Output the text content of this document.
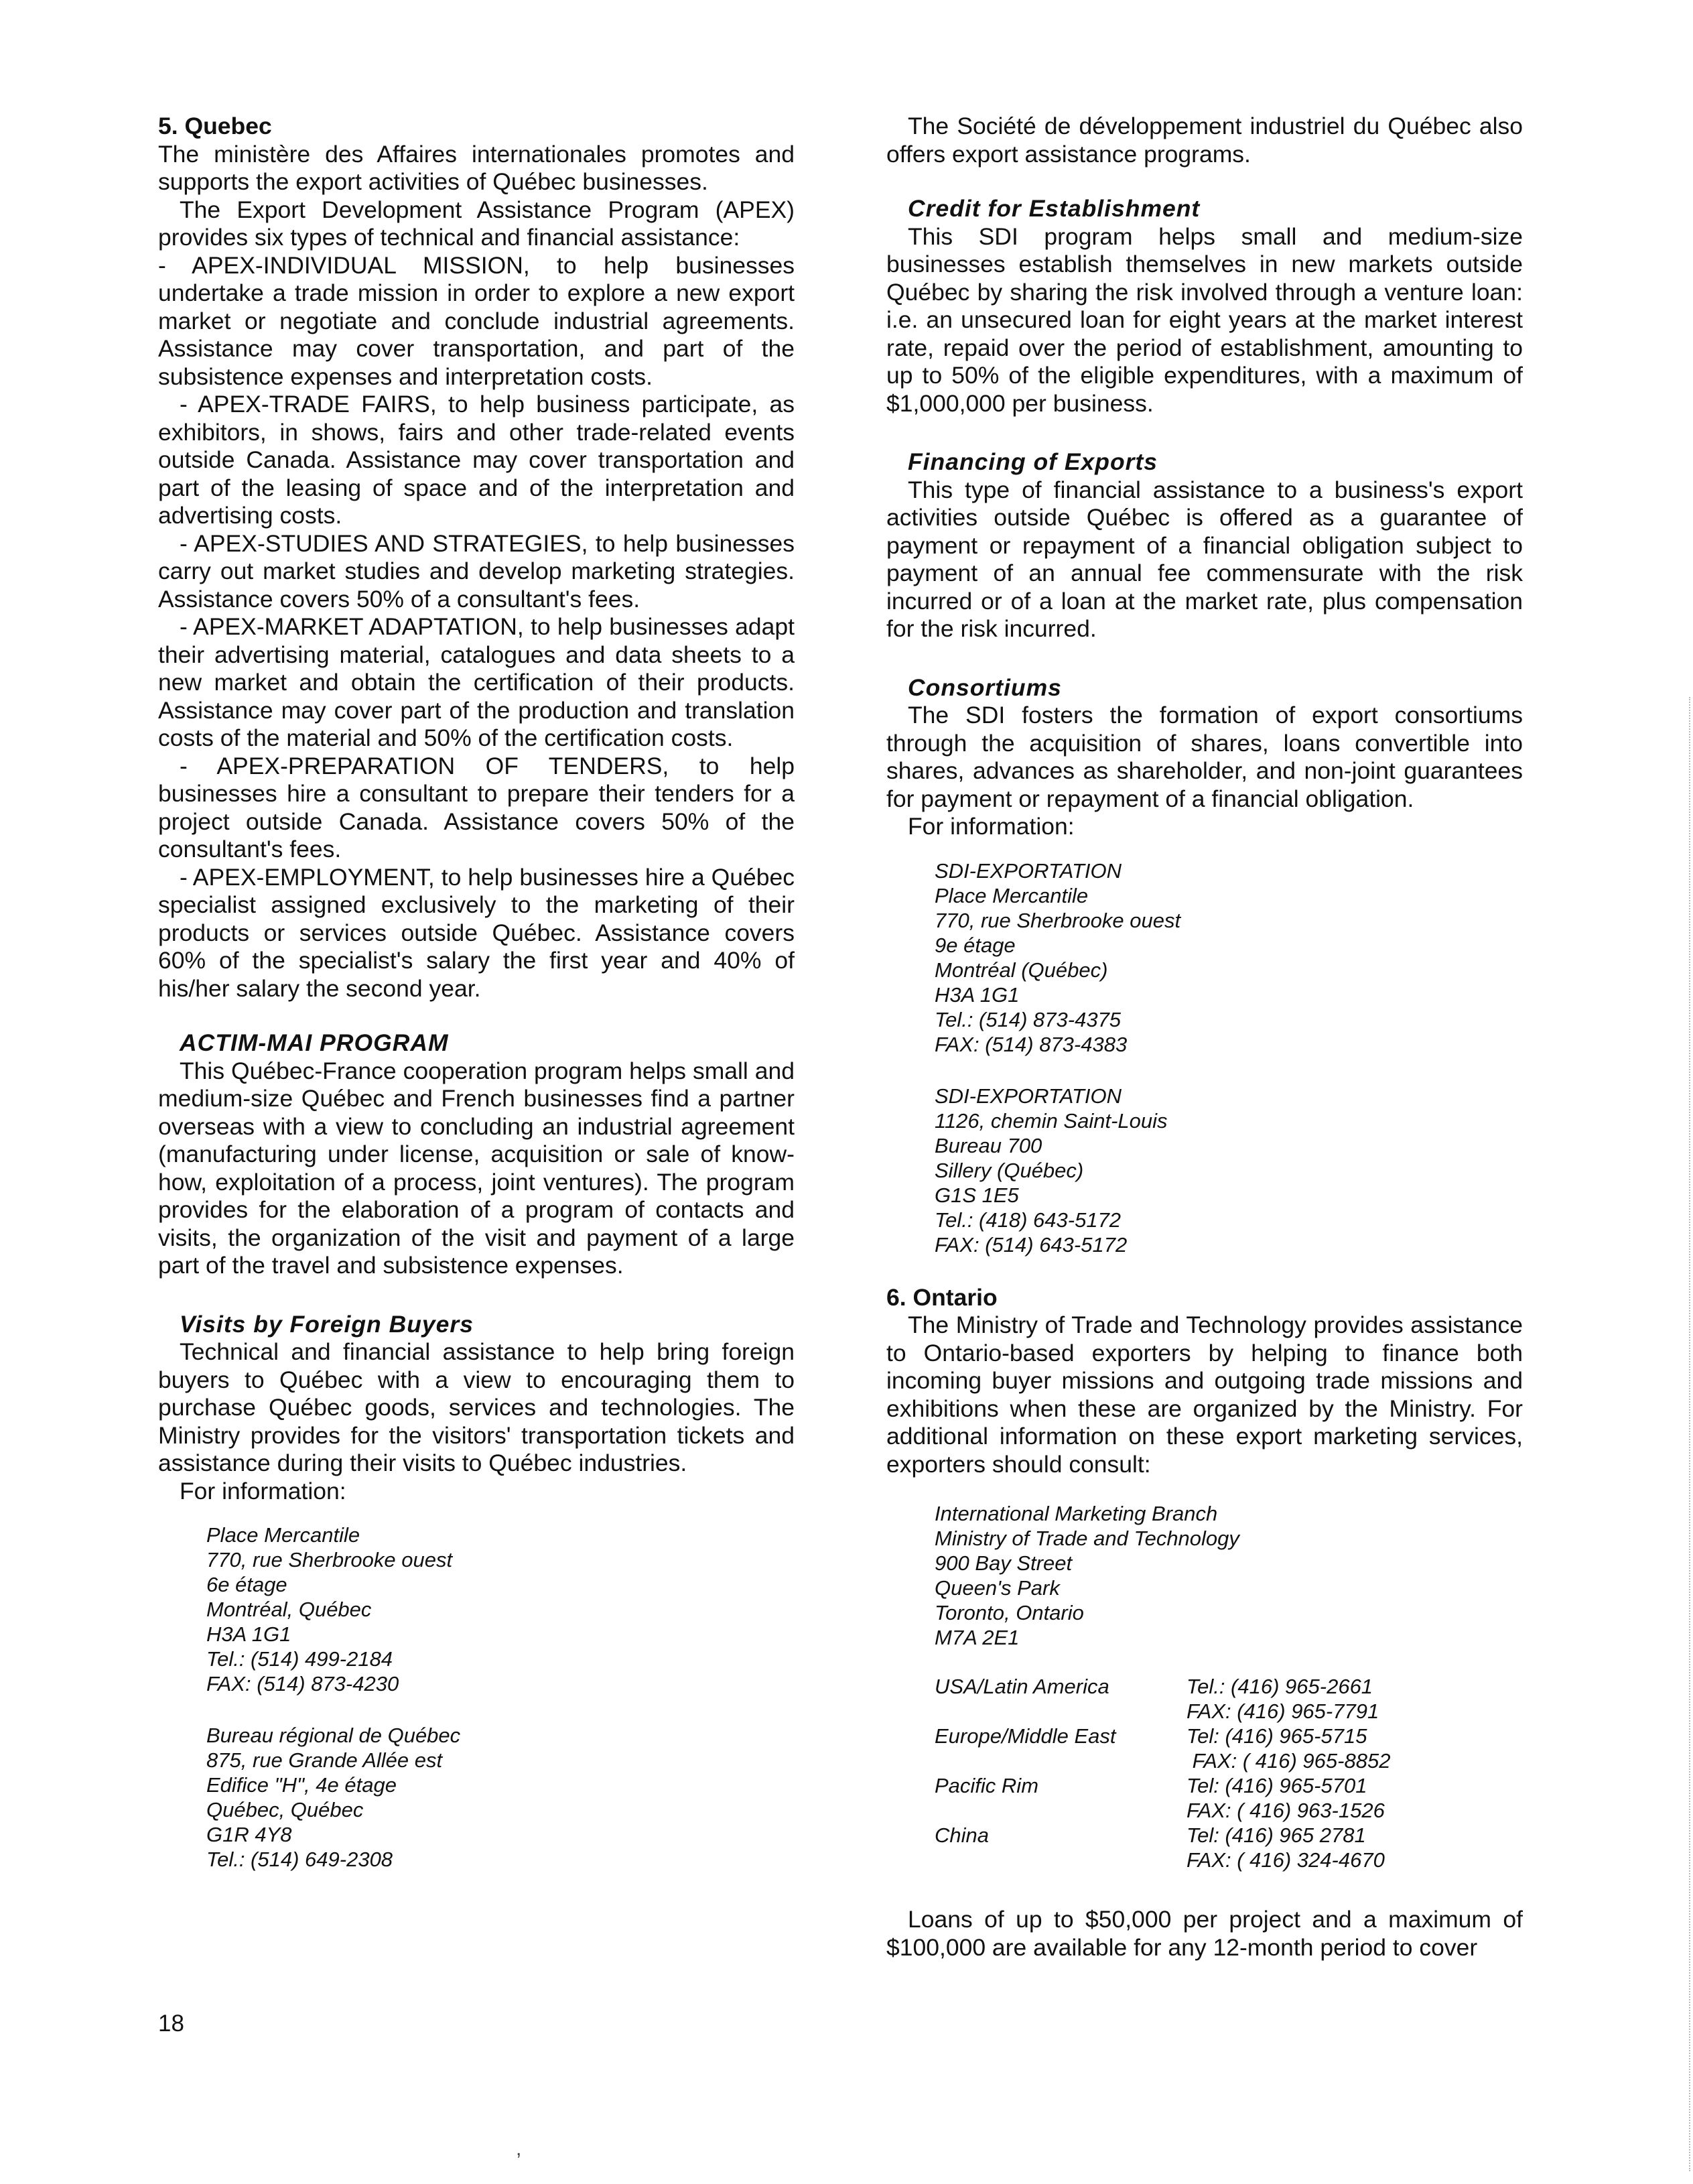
5. Quebec

The ministère des Affaires internationales promotes and supports the export activities of Québec businesses.

The Export Development Assistance Program (APEX) provides six types of technical and financial assistance:

- APEX-INDIVIDUAL MISSION, to help businesses undertake a trade mission in order to explore a new export market or negotiate and conclude industrial agreements. Assistance may cover transportation, and part of the subsistence expenses and interpretation costs.

- APEX-TRADE FAIRS, to help business participate, as exhibitors, in shows, fairs and other trade-related events outside Canada. Assistance may cover transportation and part of the leasing of space and of the interpretation and advertising costs.

- APEX-STUDIES AND STRATEGIES, to help businesses carry out market studies and develop marketing strategies. Assistance covers 50% of a consultant's fees.

- APEX-MARKET ADAPTATION, to help businesses adapt their advertising material, catalogues and data sheets to a new market and obtain the certification of their products. Assistance may cover part of the production and translation costs of the material and 50% of the certification costs.

- APEX-PREPARATION OF TENDERS, to help businesses hire a consultant to prepare their tenders for a project outside Canada. Assistance covers 50% of the consultant's fees.

- APEX-EMPLOYMENT, to help businesses hire a Québec specialist assigned exclusively to the marketing of their products or services outside Québec. Assistance covers 60% of the specialist's salary the first year and 40% of his/her salary the second year.

ACTIM-MAI PROGRAM

This Québec-France cooperation program helps small and medium-size Québec and French businesses find a partner overseas with a view to concluding an industrial agreement (manufacturing under license, acquisition or sale of know-how, exploitation of a process, joint ventures). The program provides for the elaboration of a program of contacts and visits, the organization of the visit and payment of a large part of the travel and subsistence expenses.

Visits by Foreign Buyers

Technical and financial assistance to help bring foreign buyers to Québec with a view to encouraging them to purchase Québec goods, services and technologies. The Ministry provides for the visitors' transportation tickets and assistance during their visits to Québec industries.

For information:

Place Mercantile
770, rue Sherbrooke ouest
6e étage
Montréal, Québec
H3A 1G1
Tel.: (514) 499-2184
FAX: (514) 873-4230
Bureau régional de Québec
875, rue Grande Allée est
Edifice "H", 4e étage
Québec, Québec
G1R 4Y8
Tel.: (514) 649-2308

The Société de développement industriel du Québec also offers export assistance programs.

Credit for Establishment

This SDI program helps small and medium-size businesses establish themselves in new markets outside Québec by sharing the risk involved through a venture loan: i.e. an unsecured loan for eight years at the market interest rate, repaid over the period of establishment, amounting to up to 50% of the eligible expenditures, with a maximum of $1,000,000 per business.

Financing of Exports

This type of financial assistance to a business's export activities outside Québec is offered as a guarantee of payment or repayment of a financial obligation subject to payment of an annual fee commensurate with the risk incurred or of a loan at the market rate, plus compensation for the risk incurred.

Consortiums

The SDI fosters the formation of export consortiums through the acquisition of shares, loans convertible into shares, advances as shareholder, and non-joint guarantees for payment or repayment of a financial obligation.

For information:

SDI-EXPORTATION
Place Mercantile
770, rue Sherbrooke ouest
9e étage
Montréal (Québec)
H3A 1G1
Tel.: (514) 873-4375
FAX: (514) 873-4383
SDI-EXPORTATION
1126, chemin Saint-Louis
Bureau 700
Sillery (Québec)
G1S 1E5
Tel.: (418) 643-5172
FAX: (514) 643-5172

6. Ontario

The Ministry of Trade and Technology provides assistance to Ontario-based exporters by helping to finance both incoming buyer missions and outgoing trade missions and exhibitions when these are organized by the Ministry. For additional information on these export marketing services, exporters should consult:

International Marketing Branch
Ministry of Trade and Technology
900 Bay Street
Queen's Park
Toronto, Ontario
M7A 2E1
USA/Latin America	Tel.: (416) 965-2661
FAX: (416) 965-7791

Europe/Middle East	Tel: (416) 965-5715
FAX: ( 416) 965-8852

Pacific Rim	Tel: (416) 965-5701
FAX: ( 416) 963-1526

China	Tel: (416) 965 2781
FAX: ( 416) 324-4670

Loans of up to $50,000 per project and a maximum of $100,000 are available for any 12-month period to cover

18
,
